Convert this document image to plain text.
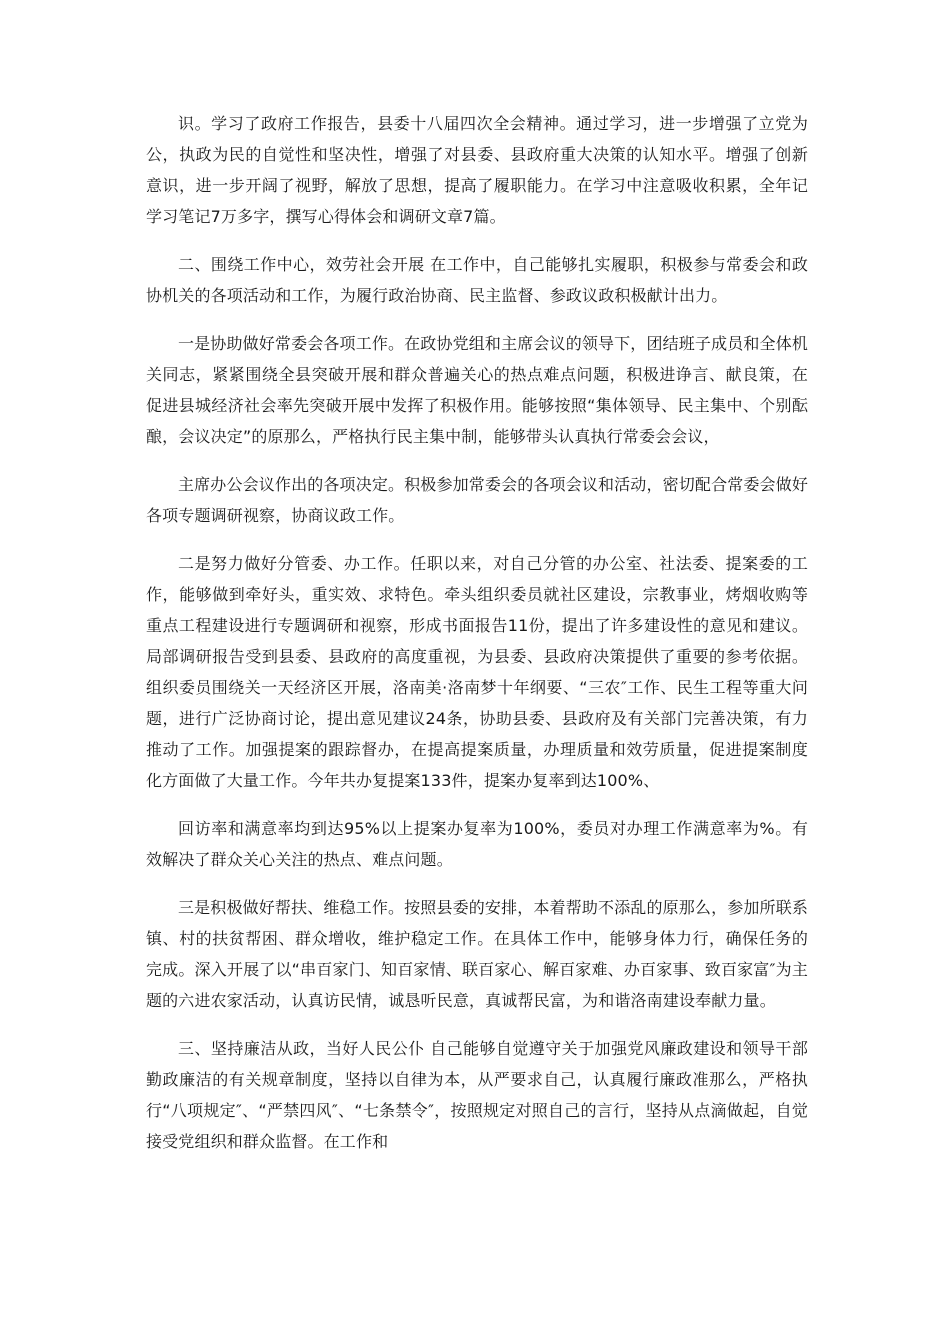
识。学习了政府工作报告，县委十八届四次全会精神。通过学习，进一步增强了立党为公，执政为民的自觉性和坚决性，增强了对县委、县政府重大决策的认知水平。增强了创新意识，进一步开阔了视野，解放了思想，提高了履职能力。在学习中注意吸收积累，全年记学习笔记7万多字，撰写心得体会和调研文章7篇。

二、围绕工作中心，效劳社会开展 在工作中，自己能够扎实履职，积极参与常委会和政协机关的各项活动和工作，为履行政治协商、民主监督、参政议政积极献计出力。

一是协助做好常委会各项工作。在政协党组和主席会议的领导下，团结班子成员和全体机关同志，紧紧围绕全县突破开展和群众普遍关心的热点难点问题，积极进诤言、献良策，在促进县城经济社会率先突破开展中发挥了积极作用。能够按照“集体领导、民主集中、个别酝酿，会议决定”的原那么，严格执行民主集中制，能够带头认真执行常委会会议，

主席办公会议作出的各项决定。积极参加常委会的各项会议和活动，密切配合常委会做好各项专题调研视察，协商议政工作。

二是努力做好分管委、办工作。任职以来，对自己分管的办公室、社法委、提案委的工作，能够做到牵好头，重实效、求特色。牵头组织委员就社区建设，宗教事业，烤烟收购等重点工程建设进行专题调研和视察，形成书面报告11份，提出了许多建设性的意见和建议。局部调研报告受到县委、县政府的高度重视，为县委、县政府决策提供了重要的参考依据。组织委员围绕关一天经济区开展，洛南美·洛南梦十年纲要、“三农″工作、民生工程等重大问题，进行广泛协商讨论，提出意见建议24条，协助县委、县政府及有关部门完善决策，有力推动了工作。加强提案的跟踪督办，在提高提案质量，办理质量和效劳质量，促进提案制度化方面做了大量工作。今年共办复提案133件，提案办复率到达100%、

回访率和满意率均到达95%以上提案办复率为100%，委员对办理工作满意率为%。有效解决了群众关心关注的热点、难点问题。

三是积极做好帮扶、维稳工作。按照县委的安排，本着帮助不添乱的原那么，参加所联系镇、村的扶贫帮困、群众增收，维护稳定工作。在具体工作中，能够身体力行，确保任务的完成。深入开展了以“串百家门、知百家情、联百家心、解百家难、办百家事、致百家富″为主题的六进农家活动，认真访民情，诚恳听民意，真诚帮民富，为和谐洛南建设奉献力量。

三、坚持廉洁从政，当好人民公仆 自己能够自觉遵守关于加强党风廉政建设和领导干部勤政廉洁的有关规章制度，坚持以自律为本，从严要求自己，认真履行廉政准那么，严格执行“八项规定″、“严禁四风″、“七条禁令″，按照规定对照自己的言行，坚持从点滴做起，自觉接受党组织和群众监督。在工作和
